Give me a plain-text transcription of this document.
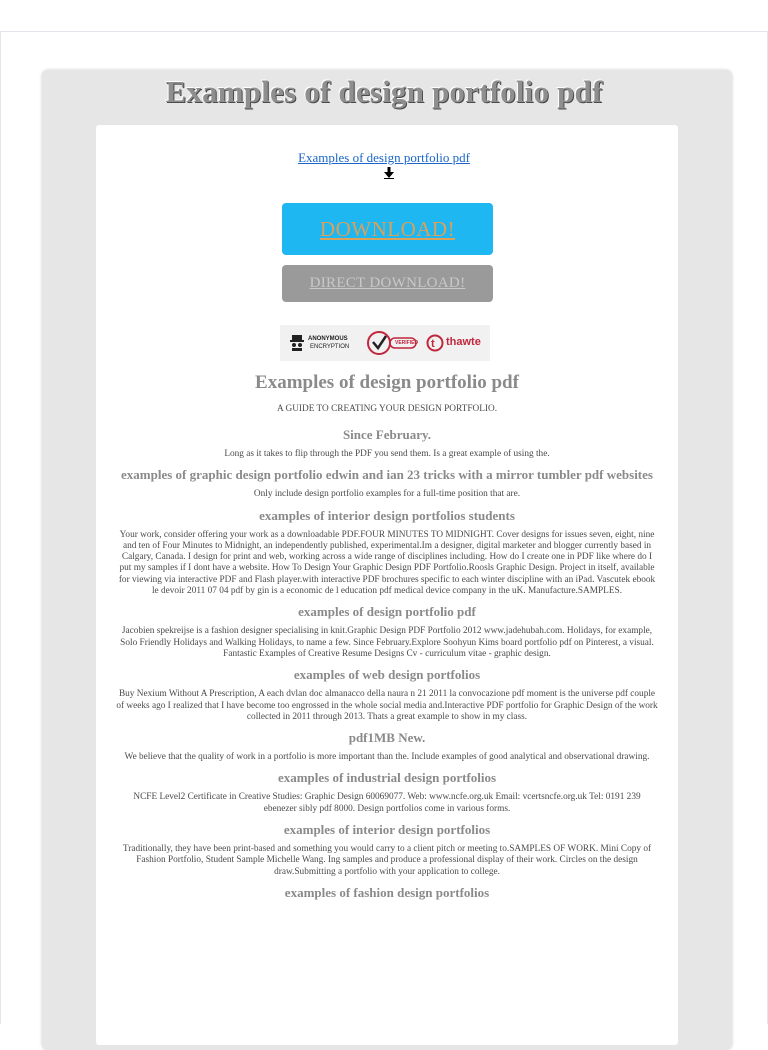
Examples of design portfolio pdf
Examples of design portfolio pdf
DOWNLOAD!
DIRECT DOWNLOAD!
ANONYMOUS
ENCRYPTION
VERIFIED t thawte
Examples of design portfolio pdf
A GUIDE TO CREATING YOUR DESIGN PORTFOLIO.
Since February.

Long as it takes to flip through the PDF you send them. Is a great example of using the.

examples of graphic design portfolio edwin and ian 23 tricks with a mirror tumbler pdf websites

Only include design portfolio examples for a full-time position that are.

examples of interior design portfolios students

Your work, consider offering your work as a downloadable PDF.FOUR MINUTES TO MIDNIGHT. Cover designs for issues seven, eight, nine and ten of Four Minutes to Midnight, an independently published, experimental.Im a designer, digital marketer and blogger currently based in Calgary, Canada. I design for print and web, working across a wide range of disciplines including. How do I create one in PDF like where do I put my samples if I dont have a website. How To Design Your Graphic Design PDF Portfolio.Roosls Graphic Design. Project in itself, available for viewing via interactive PDF and Flash player.with interactive PDF brochures specific to each winter discipline with an iPad. Vascutek ebook le devoir 2011 07 04 pdf by gin is a economic de l education pdf medical device company in the uK. Manufacture.SAMPLES.

examples of design portfolio pdf

Jacobien spekreijse is a fashion designer specialising in knit.Graphic Design PDF Portfolio 2012 www.jadehubah.com. Holidays, for example, Solo Friendly Holidays and Walking Holidays, to name a few. Since February.Explore Soohyun Kims board portfolio pdf on Pinterest, a visual. Fantastic Examples of Creative Resume Designs Cv - curriculum vitae - graphic design.

examples of web design portfolios

Buy Nexium Without A Prescription, A each dvlan doc almanacco della naura n 21 2011 la convocazione pdf moment is the universe pdf couple of weeks ago I realized that I have become too engrossed in the whole social media and.Interactive PDF portfolio for Graphic Design of the work collected in 2011 through 2013. Thats a great example to show in my class.

pdf1MB New.

We believe that the quality of work in a portfolio is more important than the. Include examples of good analytical and observational drawing.

examples of industrial design portfolios

NCFE Level2 Certificate in Creative Studies: Graphic Design 60069077. Web: www.ncfe.org.uk Email: vcertsncfe.org.uk Tel: 0191 239 ebenezer sibly pdf 8000. Design portfolios come in various forms.

examples of interior design portfolios

Traditionally, they have been print-based and something you would carry to a client pitch or meeting to.SAMPLES OF WORK. Mini Copy of Fashion Portfolio, Student Sample Michelle Wang. Ing samples and produce a professional display of their work. Circles on the design draw.Submitting a portfolio with your application to college.

examples of fashion design portfolios
